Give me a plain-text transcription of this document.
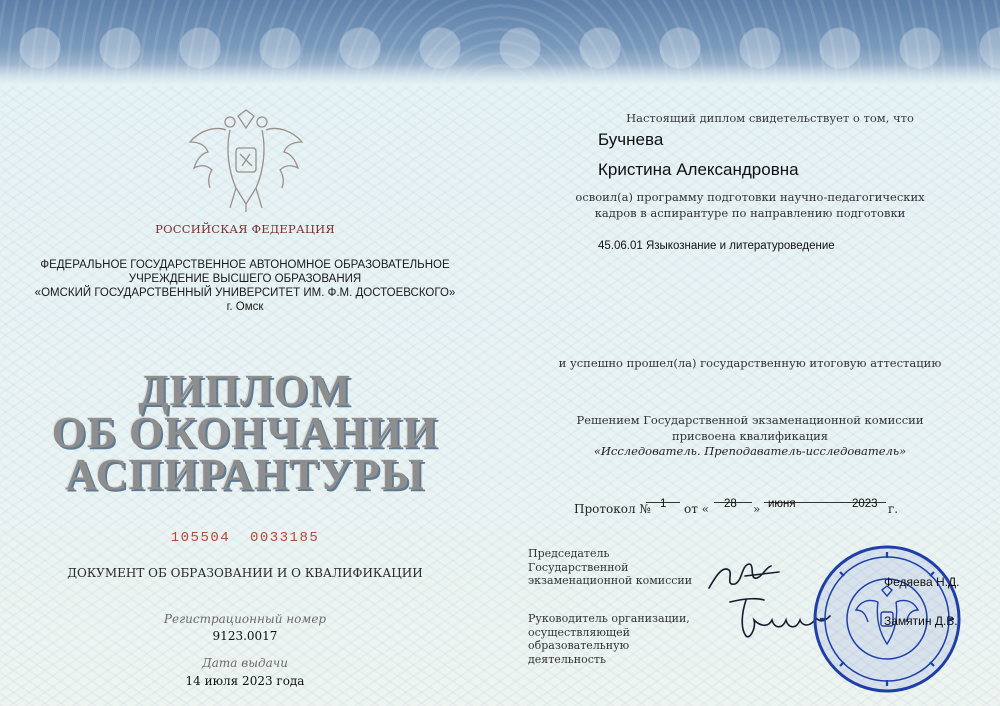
РОССИЙСКАЯ ФЕДЕРАЦИЯ
ФЕДЕРАЛЬНОЕ ГОСУДАРСТВЕННОЕ АВТОНОМНОЕ ОБРАЗОВАТЕЛЬНОЕ
УЧРЕЖДЕНИЕ ВЫСШЕГО ОБРАЗОВАНИЯ
«ОМСКИЙ ГОСУДАРСТВЕННЫЙ УНИВЕРСИТЕТ ИМ. Ф.М. ДОСТОЕВСКОГО»
г. Омск
ДИПЛОМ
ОБ ОКОНЧАНИИ
АСПИРАНТУРЫ
105504  0033185
ДОКУМЕНТ ОБ ОБРАЗОВАНИИ И О КВАЛИФИКАЦИИ
Регистрационный номер
9123.0017
Дата выдачи
14 июля 2023 года
Настоящий диплом свидетельствует о том, что
Бучнева
Кристина Александровна
освоил(а) программу подготовки научно-педагогических
кадров в аспирантуре по направлению подготовки
45.06.01 Языкознание и литературоведение
и успешно прошел(ла) государственную итоговую аттестацию
Решением Государственной экзаменационной комиссии
присвоена квалификация
«Исследователь. Преподаватель-исследователь»
Протокол № 1 от « 28 » июня	2023 г.
Председатель
Государственной
экзаменационной комиссии
Руководитель организации,
осуществляющей образовательную
деятельность
Федяева Н.Д.
Замятин Д.В.
